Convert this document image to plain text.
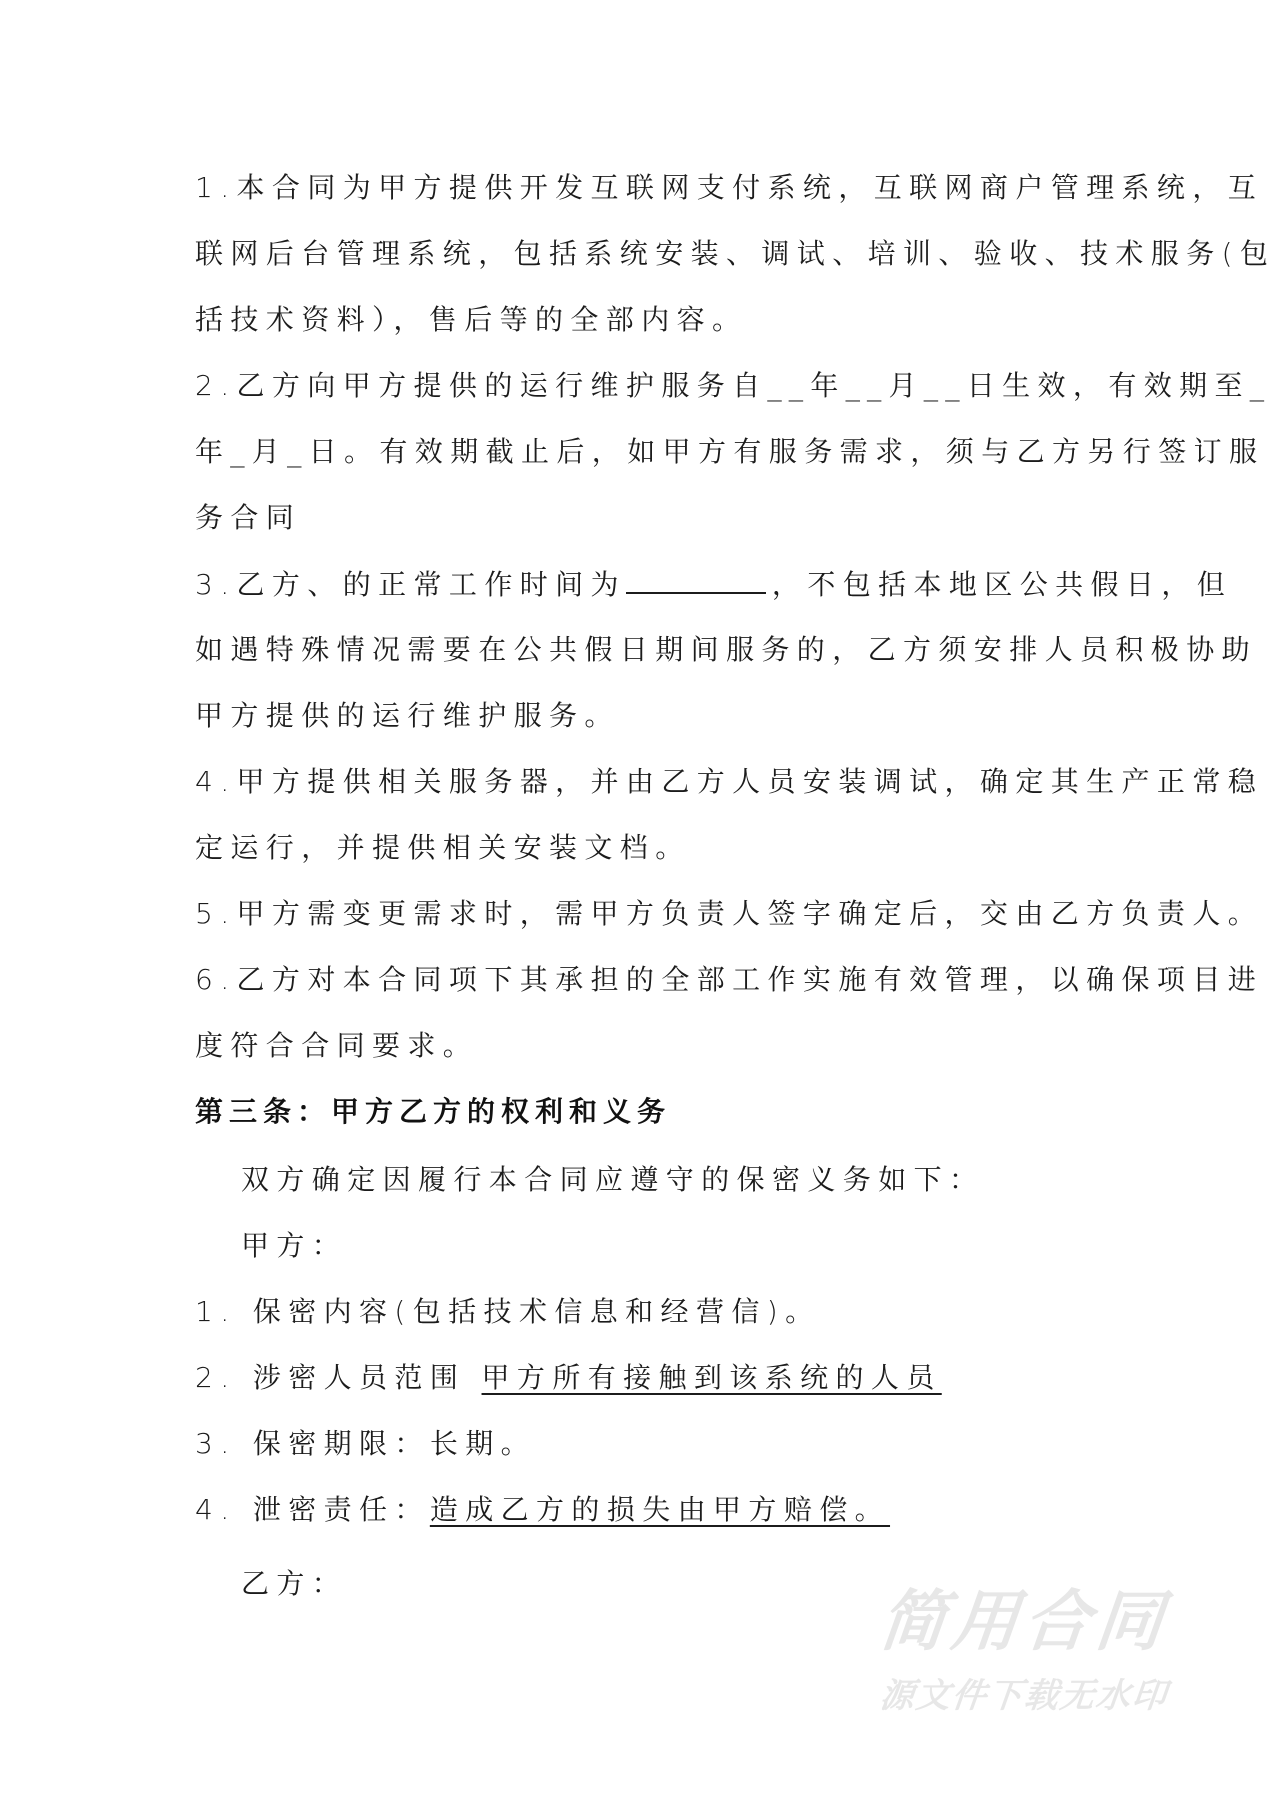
1.本合同为甲方提供开发互联网支付系统，互联网商户管理系统，互
联网后台管理系统，包括系统安装、调试、培训、验收、技术服务(包
括技术资料），售后等的全部内容。
2.乙方向甲方提供的运行维护服务自__年__月__日生效，有效期至_
年_月_日。有效期截止后，如甲方有服务需求，须与乙方另行签订服
务合同
3.乙方、的正常工作时间为	，不包括本地区公共假日，但
如遇特殊情况需要在公共假日期间服务的，乙方须安排人员积极协助
甲方提供的运行维护服务。
4.甲方提供相关服务器，并由乙方人员安装调试，确定其生产正常稳
定运行，并提供相关安装文档。
5.甲方需变更需求时，需甲方负责人签字确定后，交由乙方负责人。
6.乙方对本合同项下其承担的全部工作实施有效管理，以确保项目进
度符合合同要求。
第三条：甲方乙方的权利和义务
双方确定因履行本合同应遵守的保密义务如下：
甲方：
1. 保密内容(包括技术信息和经营信)。
2. 涉密人员范围 甲方所有接触到该系统的人员
3. 保密期限：长期。
4. 泄密责任：造成乙方的损失由甲方赔偿。
乙方：	简用合同
源文件下载无水印
